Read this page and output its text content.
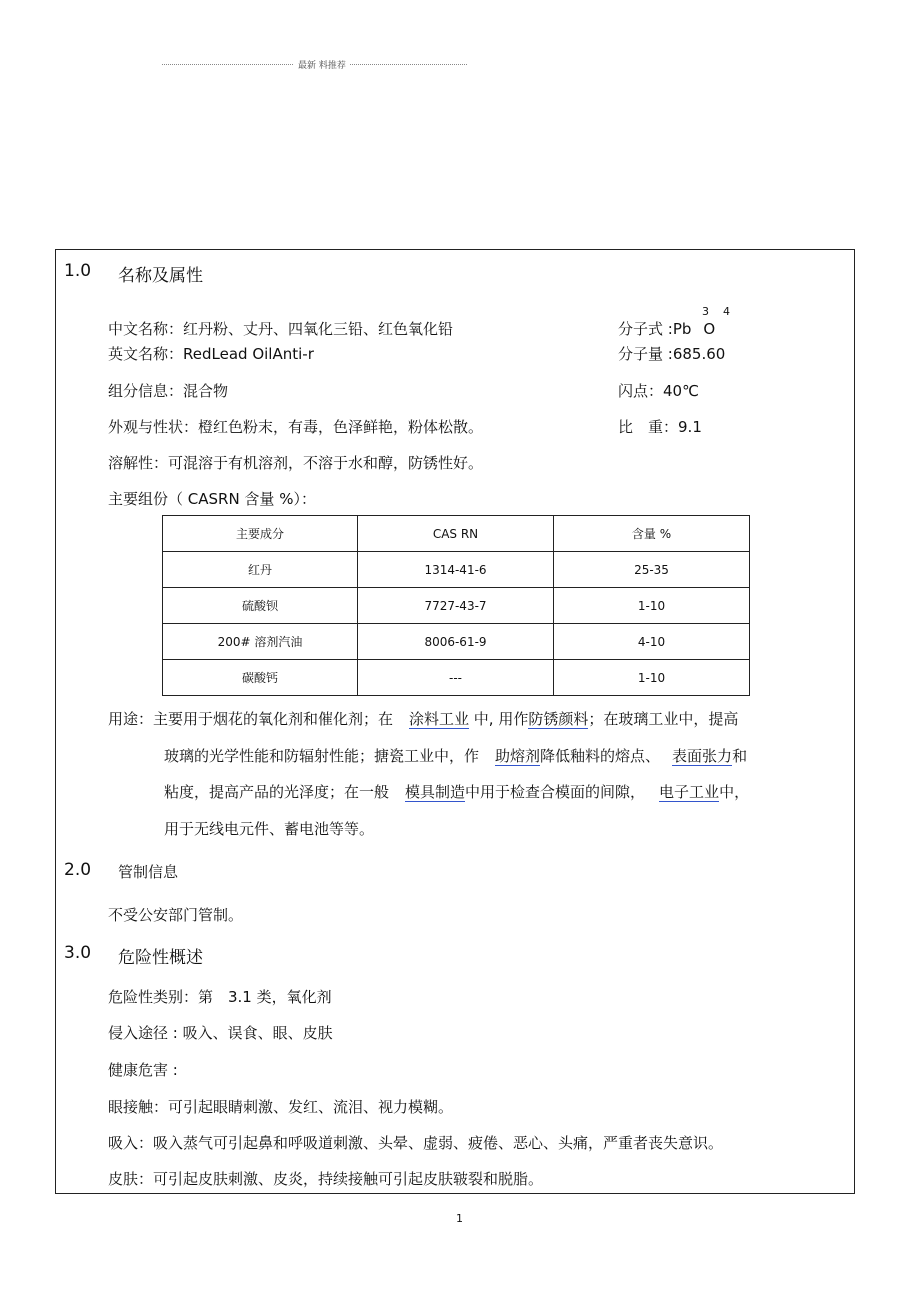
最新 料推荐
1.0 名称及属性
中文名称：红丹粉、丈丹、四氧化三铅、红色氧化铅
英文名称：RedLead OilAnti-r
组分信息：混合物
外观与性状：橙红色粉末，有毒，色泽鲜艳，粉体松散。
溶解性：可混溶于有机溶剂，不溶于水和醇，防锈性好。
3 4
分子式 :Pb O
分子量 :685.60
闪点：40℃
比　重：9.1
主要组份（ CASRN 含量 %）：
主要成分	CAS RN	含量 %
红丹	1314-41-6	25-35
硫酸钡	7727-43-7	1-10
200# 溶剂汽油	8006-61-9	4-10
碳酸钙	---	1-10
用途：主要用于烟花的氧化剂和催化剂；在 涂料工业 中, 用作防锈颜料；在玻璃工业中，提高
玻璃的光学性能和防辐射性能；搪瓷工业中，作 助熔剂降低釉料的熔点、 表面张力和
粘度，提高产品的光泽度；在一般 模具制造中用于检查合模面的间隙， 电子工业中，
用于无线电元件、蓄电池等等。
2.0 管制信息
不受公安部门管制。
3.0 危险性概述
危险性类别：第　3.1 类，氧化剂
侵入途径 : 吸入、误食、眼、皮肤
健康危害 :
眼接触：可引起眼睛刺激、发红、流泪、视力模糊。
吸入：吸入蒸气可引起鼻和呼吸道刺激、头晕、虚弱、疲倦、恶心、头痛，严重者丧失意识。
皮肤：可引起皮肤刺激、皮炎，持续接触可引起皮肤皲裂和脱脂。
1
